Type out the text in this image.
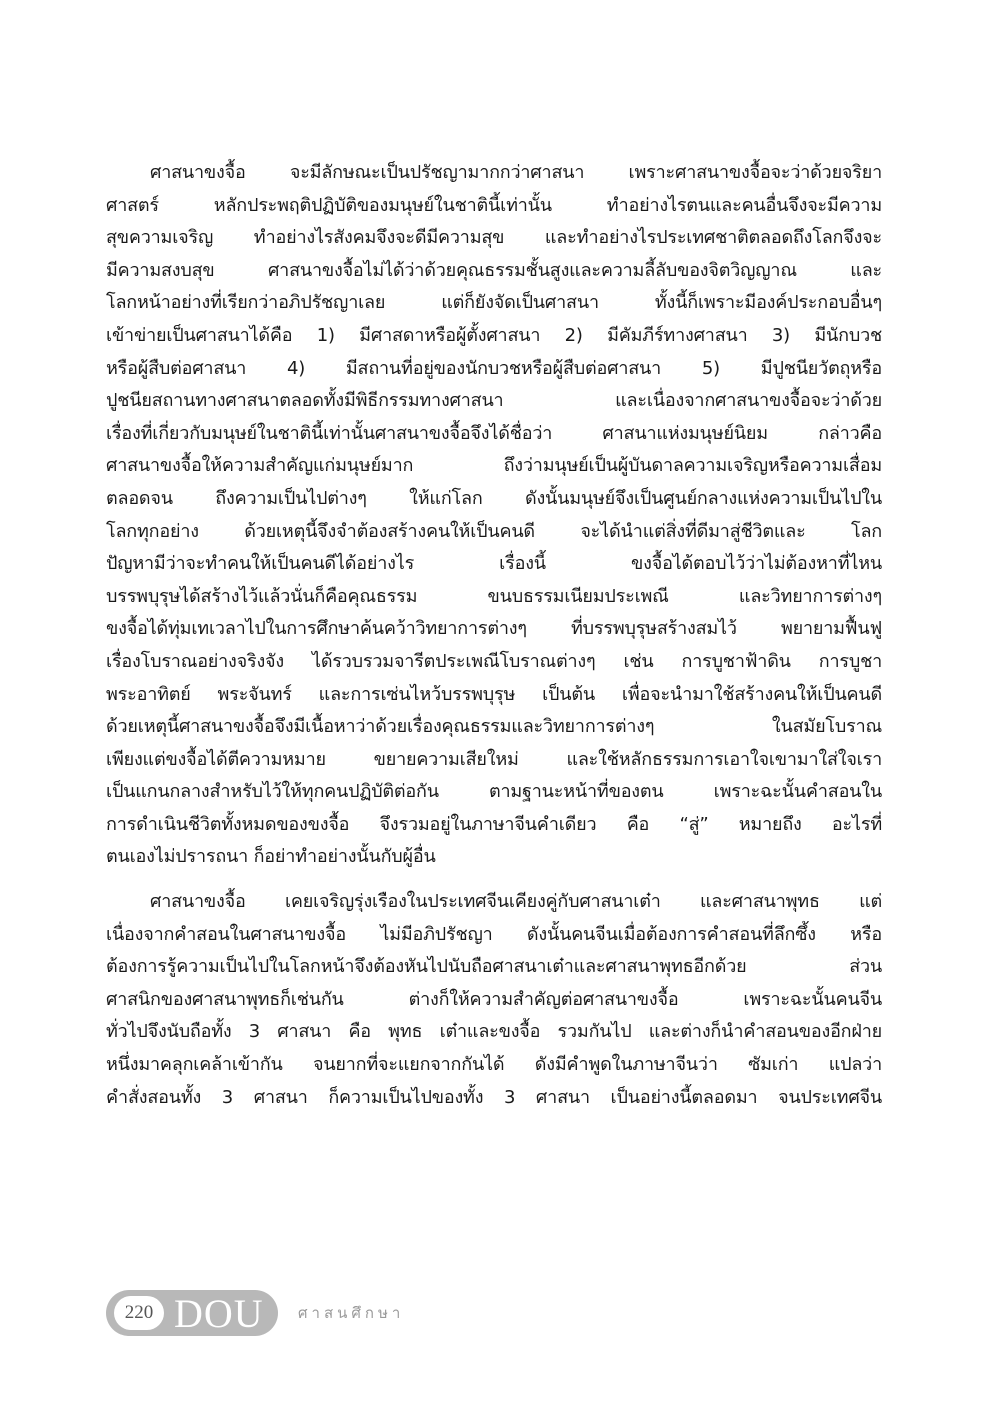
ศาสนาขงจื้อ จะมีลักษณะเป็นปรัชญามากกว่าศาสนา เพราะศาสนาขงจื้อจะว่าด้วยจริยา
ศาสตร์ หลักประพฤติปฏิบัติของมนุษย์ในชาตินี้เท่านั้น ทำอย่างไรตนและคนอื่นจึงจะมีความ
สุขความเจริญ ทำอย่างไรสังคมจึงจะดีมีความสุข และทำอย่างไรประเทศชาติตลอดถึงโลกจึงจะ
มีความสงบสุข ศาสนาขงจื้อไม่ได้ว่าด้วยคุณธรรมชั้นสูงและความลี้ลับของจิตวิญญาณ และ
โลกหน้าอย่างที่เรียกว่าอภิปรัชญาเลย แต่ก็ยังจัดเป็นศาสนา ทั้งนี้ก็เพราะมีองค์ประกอบอื่นๆ
เข้าข่ายเป็นศาสนาได้คือ 1) มีศาสดาหรือผู้ตั้งศาสนา 2) มีคัมภีร์ทางศาสนา 3) มีนักบวช
หรือผู้สืบต่อศาสนา 4) มีสถานที่อยู่ของนักบวชหรือผู้สืบต่อศาสนา 5) มีปูชนียวัตถุหรือ
ปูชนียสถานทางศาสนาตลอดทั้งมีพิธีกรรมทางศาสนา และเนื่องจากศาสนาขงจื้อจะว่าด้วย
เรื่องที่เกี่ยวกับมนุษย์ในชาตินี้เท่านั้นศาสนาขงจื้อจึงได้ชื่อว่า ศาสนาแห่งมนุษย์นิยม กล่าวคือ
ศาสนาขงจื้อให้ความสำคัญแก่มนุษย์มาก ถึงว่ามนุษย์เป็นผู้บันดาลความเจริญหรือความเสื่อม
ตลอดจน ถึงความเป็นไปต่างๆ ให้แก่โลก ดังนั้นมนุษย์จึงเป็นศูนย์กลางแห่งความเป็นไปใน
โลกทุกอย่าง ด้วยเหตุนี้จึงจำต้องสร้างคนให้เป็นคนดี จะได้นำแต่สิ่งที่ดีมาสู่ชีวิตและ โลก
ปัญหามีว่าจะทำคนให้เป็นคนดีได้อย่างไร เรื่องนี้ ขงจื้อได้ตอบไว้ว่าไม่ต้องหาที่ไหน
บรรพบุรุษได้สร้างไว้แล้วนั่นก็คือคุณธรรม ขนบธรรมเนียมประเพณี และวิทยาการต่างๆ
ขงจื้อได้ทุ่มเทเวลาไปในการศึกษาค้นคว้าวิทยาการต่างๆ ที่บรรพบุรุษสร้างสมไว้ พยายามฟื้นฟู
เรื่องโบราณอย่างจริงจัง ได้รวบรวมจารีตประเพณีโบราณต่างๆ เช่น การบูชาฟ้าดิน การบูชา
พระอาทิตย์ พระจันทร์ และการเซ่นไหว้บรรพบุรุษ เป็นต้น เพื่อจะนำมาใช้สร้างคนให้เป็นคนดี
ด้วยเหตุนี้ศาสนาขงจื้อจึงมีเนื้อหาว่าด้วยเรื่องคุณธรรมและวิทยาการต่างๆ ในสมัยโบราณ
เพียงแต่ขงจื้อได้ตีความหมาย ขยายความเสียใหม่ และใช้หลักธรรมการเอาใจเขามาใส่ใจเรา
เป็นแกนกลางสำหรับไว้ให้ทุกคนปฏิบัติต่อกัน ตามฐานะหน้าที่ของตน เพราะฉะนั้นคำสอนใน
การดำเนินชีวิตทั้งหมดของขงจื้อ จึงรวมอยู่ในภาษาจีนคำเดียว คือ “สู่” หมายถึง อะไรที่
ตนเองไม่ปรารถนา ก็อย่าทำอย่างนั้นกับผู้อื่น
ศาสนาขงจื้อ เคยเจริญรุ่งเรืองในประเทศจีนเคียงคู่กับศาสนาเต๋า และศาสนาพุทธ แต่
เนื่องจากคำสอนในศาสนาขงจื้อ ไม่มีอภิปรัชญา ดังนั้นคนจีนเมื่อต้องการคำสอนที่ลึกซึ้ง หรือ
ต้องการรู้ความเป็นไปในโลกหน้าจึงต้องหันไปนับถือศาสนาเต๋าและศาสนาพุทธอีกด้วย ส่วน
ศาสนิกของศาสนาพุทธก็เช่นกัน ต่างก็ให้ความสำคัญต่อศาสนาขงจื้อ เพราะฉะนั้นคนจีน
ทั่วไปจึงนับถือทั้ง 3 ศาสนา คือ พุทธ เต๋าและขงจื้อ รวมกันไป และต่างก็นำคำสอนของอีกฝ่าย
หนึ่งมาคลุกเคล้าเข้ากัน จนยากที่จะแยกจากกันได้ ดังมีคำพูดในภาษาจีนว่า ซัมเก่า แปลว่า
คำสั่งสอนทั้ง 3 ศาสนา ก็ความเป็นไปของทั้ง 3 ศาสนา เป็นอย่างนี้ตลอดมา จนประเทศจีน
220 DOU ศาสนศึกษา
